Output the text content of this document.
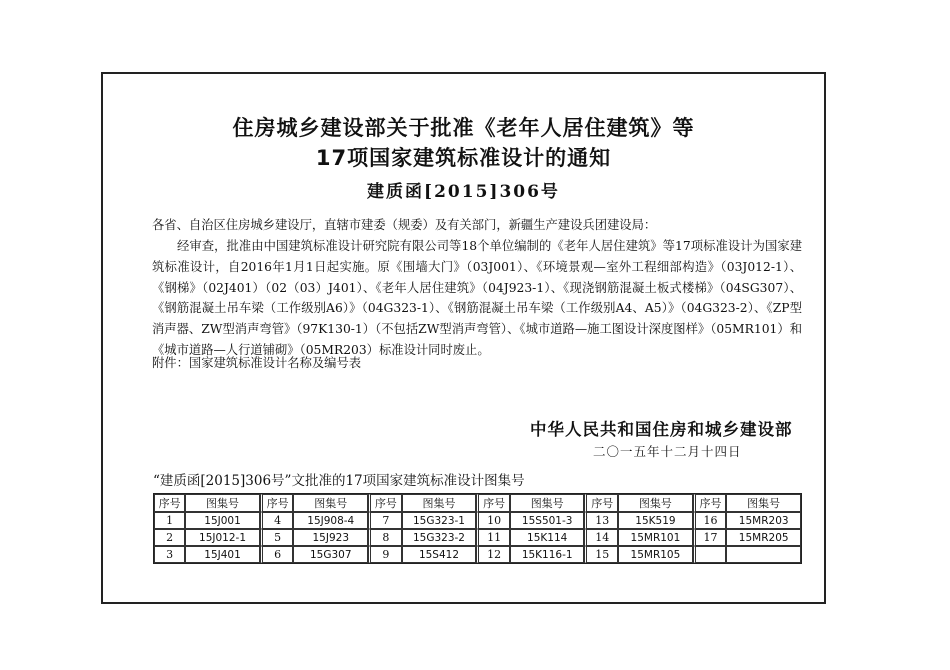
住房城乡建设部关于批准《老年人居住建筑》等
17项国家建筑标准设计的通知
建质函[2015]306号
各省、自治区住房城乡建设厅，直辖市建委（规委）及有关部门，新疆生产建设兵团建设局：
经审查，批准由中国建筑标准设计研究院有限公司等18个单位编制的《老年人居住建筑》等17项标准设计为国家建筑标准设计，自2016年1月1日起实施。原《围墙大门》（03J001）、《环境景观—室外工程细部构造》（03J012-1）、《钢梯》（02J401）（02（03）J401）、《老年人居住建筑》（04J923-1）、《现浇钢筋混凝土板式楼梯》（04SG307）、《钢筋混凝土吊车梁（工作级别A6）》（04G323-1）、《钢筋混凝土吊车梁（工作级别A4、A5）》（04G323-2）、《ZP型消声器、ZW型消声弯管》（97K130-1）（不包括ZW型消声弯管）、《城市道路—施工图设计深度图样》（05MR101）和《城市道路—人行道铺砌》（05MR203）标准设计同时废止。
附件：国家建筑标准设计名称及编号表
中华人民共和国住房和城乡建设部
二〇一五年十二月十四日
“建质函[2015]306号”文批准的17项国家建筑标准设计图集号
序号	图集号	序号	图集号	序号	图集号	序号	图集号	序号	图集号	序号	图集号
1	15J001	4	15J908-4	7	15G323-1	10	15S501-3	13	15K519	16	15MR203
2	15J012-1	5	15J923	8	15G323-2	11	15K114	14	15MR101	17	15MR205
3	15J401	6	15G307	9	15S412	12	15K116-1	15	15MR105		
